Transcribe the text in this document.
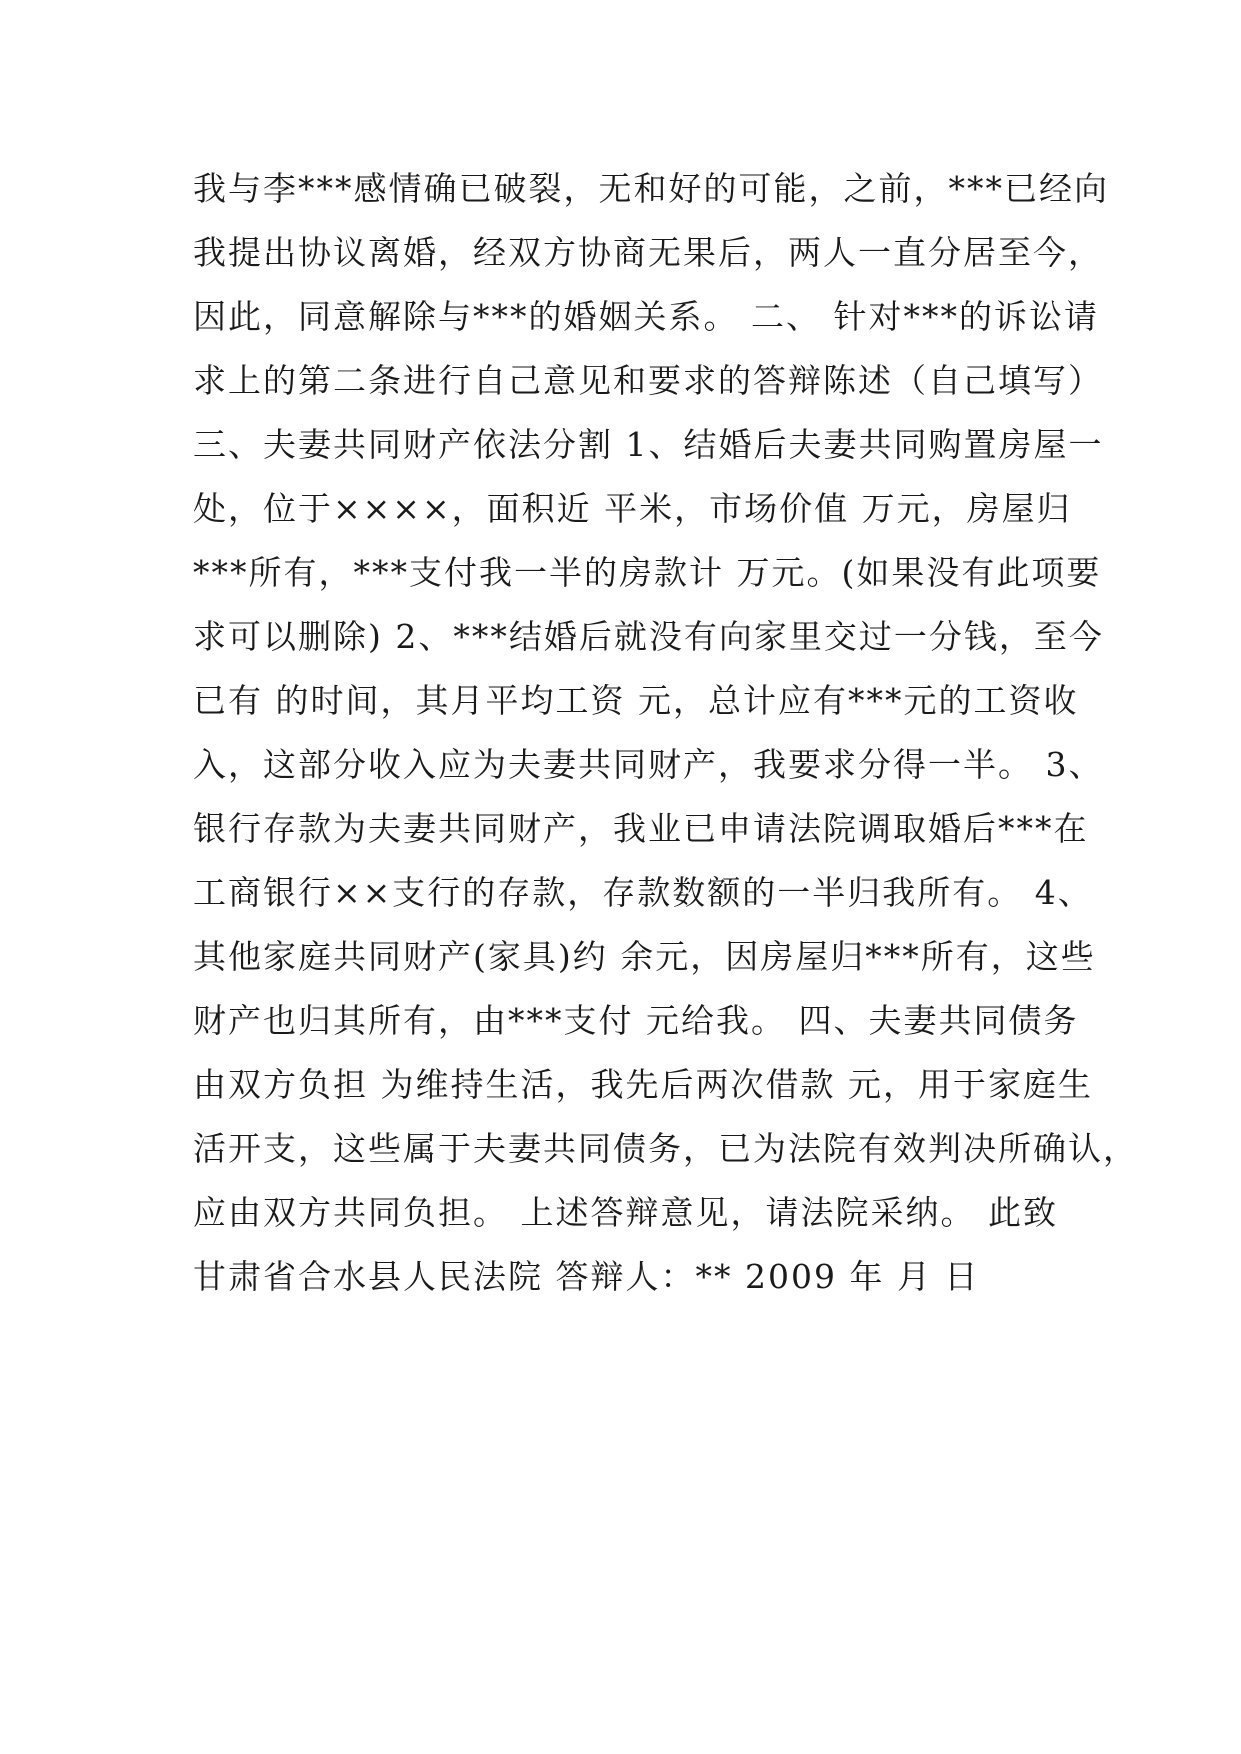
我与李***感情确已破裂，无和好的可能，之前，***已经向
我提出协议离婚，经双方协商无果后，两人一直分居至今，
因此，同意解除与***的婚姻关系。 二、 针对***的诉讼请
求上的第二条进行自己意见和要求的答辩陈述（自己填写）
三、夫妻共同财产依法分割 1、结婚后夫妻共同购置房屋一
处，位于××××，面积近 平米，市场价值 万元，房屋归
***所有，***支付我一半的房款计 万元。(如果没有此项要
求可以删除) 2、***结婚后就没有向家里交过一分钱，至今
已有 的时间，其月平均工资 元，总计应有***元的工资收
入，这部分收入应为夫妻共同财产，我要求分得一半。 3、
银行存款为夫妻共同财产，我业已申请法院调取婚后***在
工商银行××支行的存款，存款数额的一半归我所有。 4、
其他家庭共同财产(家具)约 余元，因房屋归***所有，这些
财产也归其所有，由***支付 元给我。 四、夫妻共同债务
由双方负担 为维持生活，我先后两次借款 元，用于家庭生
活开支，这些属于夫妻共同债务，已为法院有效判决所确认，
应由双方共同负担。 上述答辩意见，请法院采纳。 此致
甘肃省合水县人民法院 答辩人：** 2009 年 月 日
